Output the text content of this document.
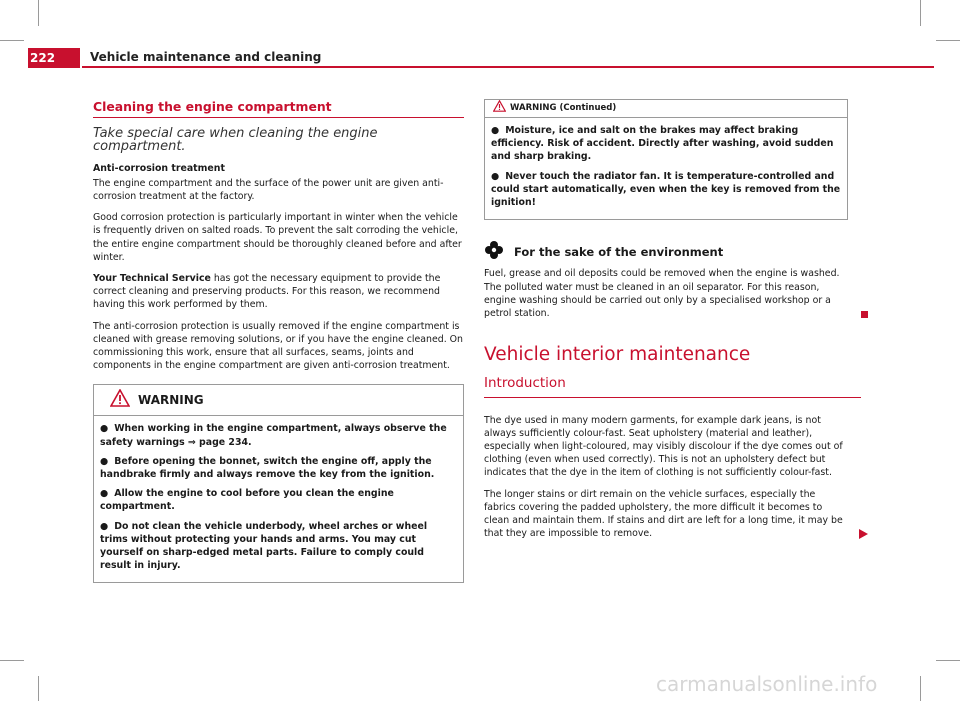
222	Vehicle maintenance and cleaning
Cleaning the engine compartment

Take special care when cleaning the engine compartment.

Anti-corrosion treatment

The engine compartment and the surface of the power unit are given anti-corrosion treatment at the factory.

Good corrosion protection is particularly important in winter when the vehicle is frequently driven on salted roads. To prevent the salt corroding the vehicle, the entire engine compartment should be thoroughly cleaned before and after winter.

Your Technical Service has got the necessary equipment to provide the correct cleaning and preserving products. For this reason, we recommend having this work performed by them.

The anti-corrosion protection is usually removed if the engine compartment is cleaned with grease removing solutions, or if you have the engine cleaned. On commissioning this work, ensure that all surfaces, seams, joints and components in the engine compartment are given anti-corrosion treatment.

WARNING

● When working in the engine compartment, always observe the safety warnings ⇒ page 234.

● Before opening the bonnet, switch the engine off, apply the handbrake firmly and always remove the key from the ignition.

● Allow the engine to cool before you clean the engine compartment.

● Do not clean the vehicle underbody, wheel arches or wheel trims without protecting your hands and arms. You may cut yourself on sharp-edged metal parts. Failure to comply could result in injury.

WARNING (Continued)

● Moisture, ice and salt on the brakes may affect braking efficiency. Risk of accident. Directly after washing, avoid sudden and sharp braking.

● Never touch the radiator fan. It is temperature-controlled and could start automatically, even when the key is removed from the ignition!

For the sake of the environment

Fuel, grease and oil deposits could be removed when the engine is washed. The polluted water must be cleaned in an oil separator. For this reason, engine washing should be carried out only by a specialised workshop or a petrol station.

Vehicle interior maintenance
Introduction

The dye used in many modern garments, for example dark jeans, is not always sufficiently colour-fast. Seat upholstery (material and leather), especially when light-coloured, may visibly discolour if the dye comes out of clothing (even when used correctly). This is not an upholstery defect but indicates that the dye in the item of clothing is not sufficiently colour-fast.

The longer stains or dirt remain on the vehicle surfaces, especially the fabrics covering the padded upholstery, the more difficult it becomes to clean and maintain them. If stains and dirt are left for a long time, it may be that they are impossible to remove.

carmanualsonline.info
